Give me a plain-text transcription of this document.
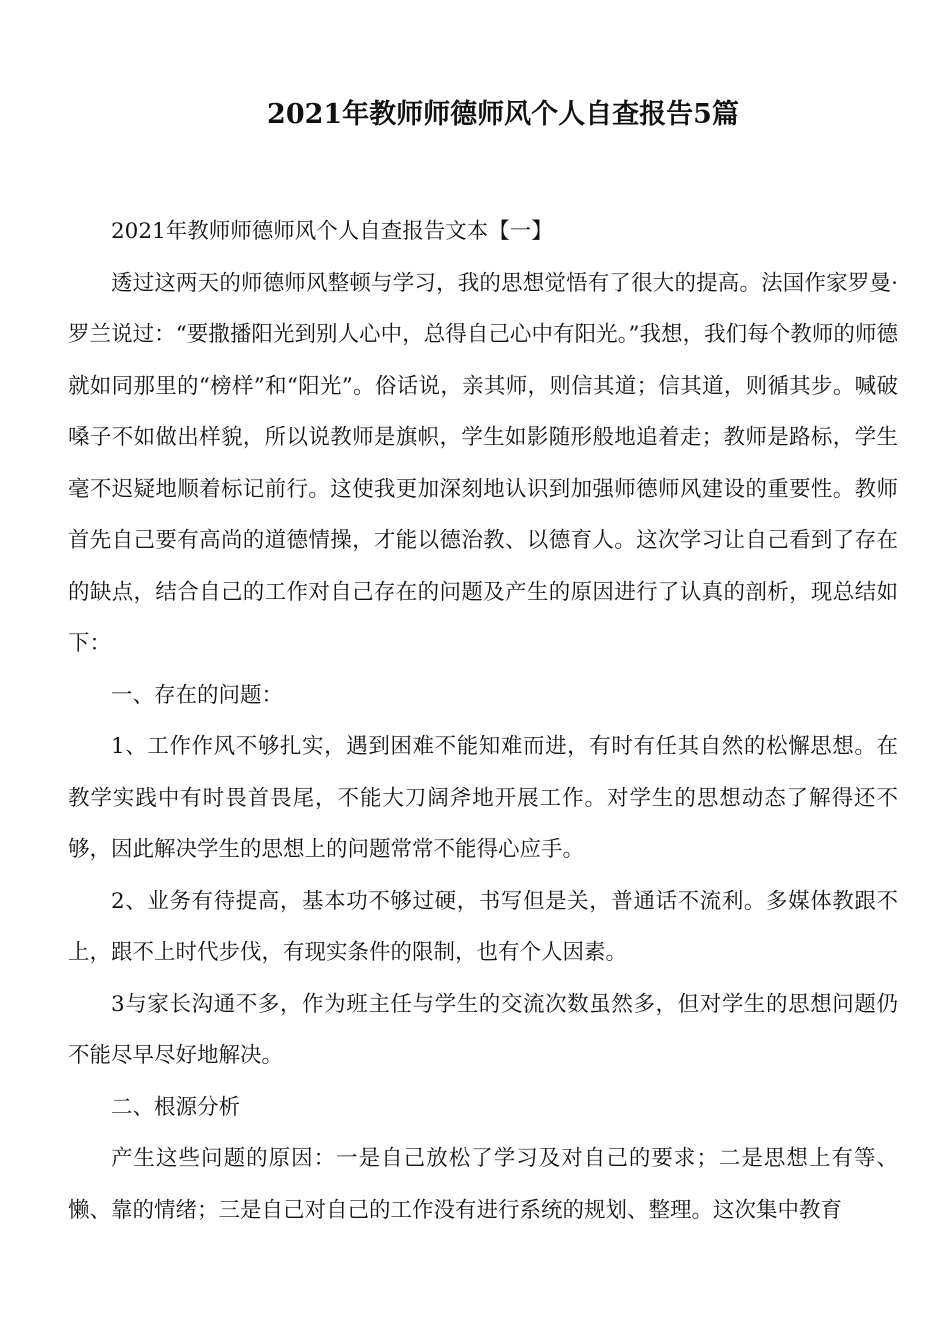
2021年教师师德师风个人自查报告5篇

2021年教师师德师风个人自查报告文本【一】

透过这两天的师德师风整顿与学习，我的思想觉悟有了很大的提高。法国作家罗曼·罗兰说过：“要撒播阳光到别人心中，总得自己心中有阳光。”我想，我们每个教师的师德就如同那里的“榜样”和“阳光”。俗话说，亲其师，则信其道；信其道，则循其步。喊破嗓子不如做出样貌，所以说教师是旗帜，学生如影随形般地追着走；教师是路标，学生毫不迟疑地顺着标记前行。这使我更加深刻地认识到加强师德师风建设的重要性。教师首先自己要有高尚的道德情操，才能以德治教、以德育人。这次学习让自己看到了存在的缺点，结合自己的工作对自己存在的问题及产生的原因进行了认真的剖析，现总结如下：

一、存在的问题：

1、工作作风不够扎实，遇到困难不能知难而进，有时有任其自然的松懈思想。在教学实践中有时畏首畏尾，不能大刀阔斧地开展工作。对学生的思想动态了解得还不够，因此解决学生的思想上的问题常常不能得心应手。

2、业务有待提高，基本功不够过硬，书写但是关，普通话不流利。多媒体教跟不上，跟不上时代步伐，有现实条件的限制，也有个人因素。

3与家长沟通不多，作为班主任与学生的交流次数虽然多，但对学生的思想问题仍不能尽早尽好地解决。

二、根源分析

产生这些问题的原因：一是自己放松了学习及对自己的要求；二是思想上有等、懒、靠的情绪；三是自己对自己的工作没有进行系统的规划、整理。这次集中教育
